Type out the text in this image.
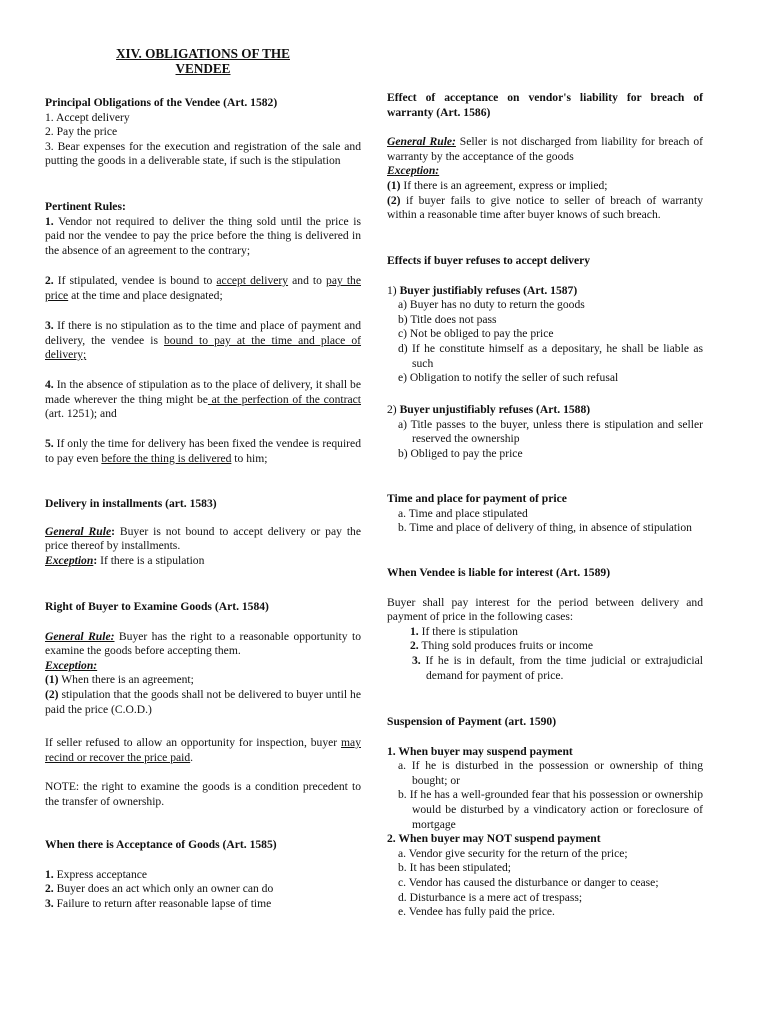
XIV. OBLIGATIONS OF THE
VENDEE

Principal Obligations of the Vendee (Art. 1582)

1. Accept delivery

2. Pay the price

3. Bear expenses for the execution and registration of the sale and putting the goods in a deliverable state, if such is the stipulation

Pertinent Rules:

1. Vendor not required to deliver the thing sold until the price is paid nor the vendee to pay the price before the thing is delivered in the absence of an agreement to the contrary;

2. If stipulated, vendee is bound to accept delivery and to pay the price at the time and place designated;
3. If there is no stipulation as to the time and place of payment and delivery, the vendee is bound to pay at the time and place of delivery;
4. In the absence of stipulation as to the place of delivery, it shall be made wherever the thing might be at the perfection of the contract (art. 1251); and
5. If only the time for delivery has been fixed the vendee is required to pay even before the thing is delivered to him;

Delivery in installments (art. 1583)

General Rule: Buyer is not bound to accept delivery or pay the price thereof by installments.

Exception: If there is a stipulation

Right of Buyer to Examine Goods (Art. 1584)

General Rule: Buyer has the right to a reasonable opportunity to examine the goods before accepting them.

Exception:

(1) When there is an agreement;

(2) stipulation that the goods shall not be delivered to buyer until he paid the price (C.O.D.)

If seller refused to allow an opportunity for inspection, buyer may recind or recover the price paid.
NOTE: the right to examine the goods is a condition precedent to the transfer of ownership.

When there is Acceptance of Goods (Art. 1585)

1. Express acceptance

2. Buyer does an act which only an owner can do

3. Failure to return after reasonable lapse of time

Effect of acceptance on vendor's liability for breach of warranty (Art. 1586)

General Rule: Seller is not discharged from liability for breach of warranty by the acceptance of the goods

Exception:

(1) If there is an agreement, express or implied;

(2) if buyer fails to give notice to seller of breach of warranty within a reasonable time after buyer knows of such breach.

Effects if buyer refuses to accept delivery

1) Buyer justifiably refuses (Art. 1587)

a) Buyer has no duty to return the goods

b) Title does not pass

c) Not be obliged to pay the price

d) If he constitute himself as a depositary, he shall be liable as such

e) Obligation to notify the seller of such refusal

2) Buyer unjustifiably refuses (Art. 1588)

a) Title passes to the buyer, unless there is stipulation and seller reserved the ownership

b) Obliged to pay the price

Time and place for payment of price

a. Time and place stipulated

b. Time and place of delivery of thing, in absence of stipulation

When Vendee is liable for interest (Art. 1589)

Buyer shall pay interest for the period between delivery and payment of price in the following cases:

1. If there is stipulation

2. Thing sold produces fruits or income

3. If he is in default, from the time judicial or extrajudicial demand for payment of price.

Suspension of Payment (art. 1590)

1. When buyer may suspend payment

a. If he is disturbed in the possession or ownership of thing bought; or

b. If he has a well-grounded fear that his possession or ownership would be disturbed by a vindicatory action or foreclosure of mortgage

2. When buyer may NOT suspend payment

a. Vendor give security for the return of the price;

b. It has been stipulated;

c. Vendor has caused the disturbance or danger to cease;

d. Disturbance is a mere act of trespass;

e. Vendee has fully paid the price.
